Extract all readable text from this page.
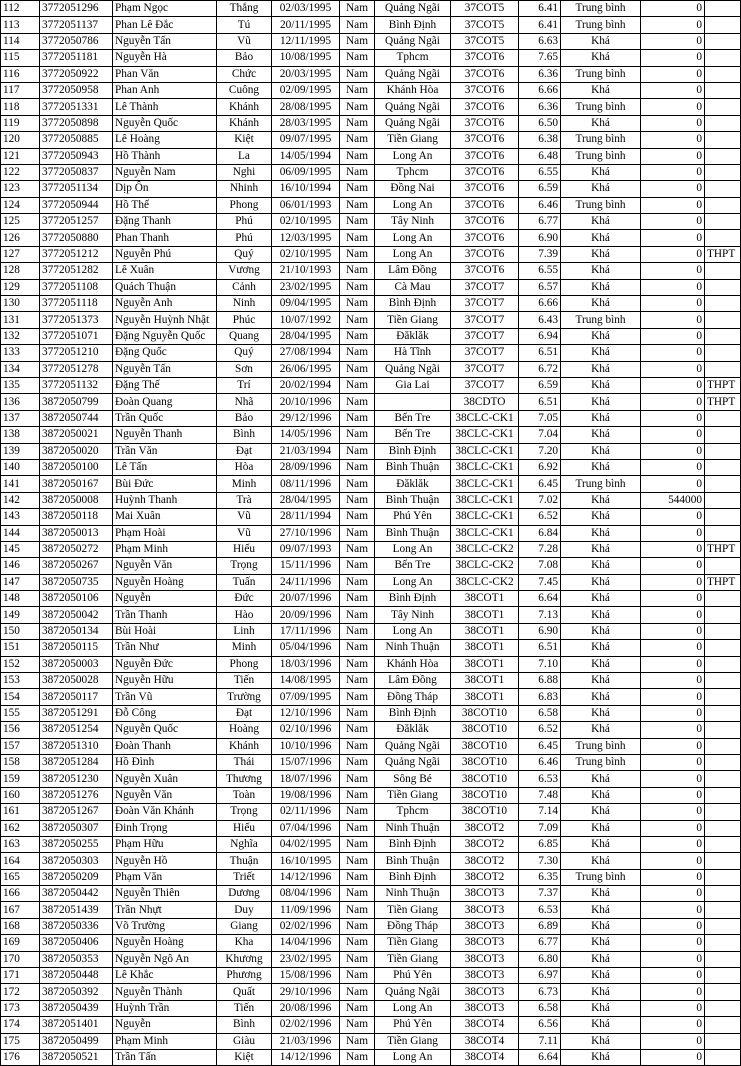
112	3772051296	Phạm Ngọc	Thắng	02/03/1995	Nam	Quảng Ngãi	37COT5	6.41	Trung bình	0	
113	3772051137	Phan Lê Đắc	Tú	20/11/1995	Nam	Bình Định	37COT5	6.41	Trung bình	0	
114	3772050786	Nguyễn Tấn	Vũ	12/11/1995	Nam	Quảng Ngãi	37COT5	6.63	Khá	0	
115	3772051181	Nguyễn Hà	Bảo	10/08/1995	Nam	Tphcm	37COT6	7.65	Khá	0	
116	3772050922	Phan Văn	Chức	20/03/1995	Nam	Quảng Ngãi	37COT6	6.36	Trung bình	0	
117	3772050958	Phan Anh	Cuông	02/09/1995	Nam	Khánh Hòa	37COT6	6.66	Khá	0	
118	3772051331	Lê Thành	Khánh	28/08/1995	Nam	Quảng Ngãi	37COT6	6.36	Trung bình	0	
119	3772050898	Nguyễn Quốc	Khánh	28/03/1995	Nam	Quảng Ngãi	37COT6	6.50	Khá	0	
120	3772050885	Lê Hoàng	Kiệt	09/07/1995	Nam	Tiền Giang	37COT6	6.38	Trung bình	0	
121	3772050943	Hồ Thành	La	14/05/1994	Nam	Long An	37COT6	6.48	Trung bình	0	
122	3772050837	Nguyễn Nam	Nghi	06/09/1995	Nam	Tphcm	37COT6	6.55	Khá	0	
123	3772051134	Dịp Ôn	Nhinh	16/10/1994	Nam	Đồng Nai	37COT6	6.59	Khá	0	
124	3772050944	Hồ Thế	Phong	06/01/1993	Nam	Long An	37COT6	6.46	Trung bình	0	
125	3772051257	Đặng Thanh	Phú	02/10/1995	Nam	Tây Ninh	37COT6	6.77	Khá	0	
126	3772050880	Phan Thanh	Phú	12/03/1995	Nam	Long An	37COT6	6.90	Khá	0	
127	3772051212	Nguyễn Phú	Quý	02/10/1995	Nam	Long An	37COT6	7.39	Khá	0	THPT
128	3772051282	Lê Xuân	Vương	21/10/1993	Nam	Lâm Đồng	37COT6	6.55	Khá	0	
129	3772051108	Quách Thuận	Cảnh	23/02/1995	Nam	Cà Mau	37COT7	6.57	Khá	0	
130	3772051118	Nguyễn Anh	Ninh	09/04/1995	Nam	Bình Định	37COT7	6.66	Khá	0	
131	3772051373	Nguyễn Huỳnh Nhật	Phúc	10/07/1992	Nam	Tiền Giang	37COT7	6.43	Trung bình	0	
132	3772051071	Đặng Nguyễn Quốc	Quang	28/04/1995	Nam	Đăklăk	37COT7	6.94	Khá	0	
133	3772051210	Đặng Quốc	Quý	27/08/1994	Nam	Hà Tĩnh	37COT7	6.51	Khá	0	
134	3772051278	Nguyễn Tấn	Sơn	26/06/1995	Nam	Quảng Ngãi	37COT7	6.72	Khá	0	
135	3772051132	Đặng Thế	Trí	20/02/1994	Nam	Gia Lai	37COT7	6.59	Khá	0	THPT
136	3872050799	Đoàn Quang	Nhã	20/10/1996	Nam		38CDTO	6.51	Khá	0	THPT
137	3872050744	Trần Quốc	Bảo	29/12/1996	Nam	Bến Tre	38CLC-CK1	7.05	Khá	0	
138	3872050021	Nguyễn Thanh	Bình	14/05/1996	Nam	Bến Tre	38CLC-CK1	7.04	Khá	0	
139	3872050020	Trần Văn	Đạt	21/03/1994	Nam	Bình Định	38CLC-CK1	7.20	Khá	0	
140	3872050100	Lê Tấn	Hòa	28/09/1996	Nam	Bình Thuận	38CLC-CK1	6.92	Khá	0	
141	3872050167	Bùi Đức	Minh	08/11/1996	Nam	Đăklăk	38CLC-CK1	6.45	Trung bình	0	
142	3872050008	Huỳnh Thanh	Trà	28/04/1995	Nam	Bình Thuận	38CLC-CK1	7.02	Khá	544000	
143	3872050118	Mai Xuân	Vũ	28/11/1994	Nam	Phú Yên	38CLC-CK1	6.52	Khá	0	
144	3872050013	Phạm Hoài	Vũ	27/10/1996	Nam	Bình Thuận	38CLC-CK1	6.84	Khá	0	
145	3872050272	Phạm Minh	Hiếu	09/07/1993	Nam	Long An	38CLC-CK2	7.28	Khá	0	THPT
146	3872050267	Nguyễn Văn	Trọng	15/11/1996	Nam	Bến Tre	38CLC-CK2	7.08	Khá	0	
147	3872050735	Nguyễn Hoàng	Tuấn	24/11/1996	Nam	Long An	38CLC-CK2	7.45	Khá	0	THPT
148	3872050106	Nguyễn	Đức	20/07/1996	Nam	Bình Định	38COT1	6.64	Khá	0	
149	3872050042	Trần Thanh	Hào	20/09/1996	Nam	Tây Ninh	38COT1	7.13	Khá	0	
150	3872050134	Bùi Hoài	Linh	17/11/1996	Nam	Long An	38COT1	6.90	Khá	0	
151	3872050115	Trần Như	Minh	05/04/1996	Nam	Ninh Thuận	38COT1	6.51	Khá	0	
152	3872050003	Nguyễn Đức	Phong	18/03/1996	Nam	Khánh Hòa	38COT1	7.10	Khá	0	
153	3872050028	Nguyễn Hữu	Tiến	14/08/1995	Nam	Lâm Đồng	38COT1	6.88	Khá	0	
154	3872050117	Trần Vũ	Trường	07/09/1995	Nam	Đồng Tháp	38COT1	6.83	Khá	0	
155	3872051291	Đỗ Công	Đạt	12/10/1996	Nam	Bình Định	38COT10	6.58	Khá	0	
156	3872051254	Nguyễn Quốc	Hoàng	02/10/1996	Nam	Đăklăk	38COT10	6.52	Khá	0	
157	3872051310	Đoàn Thanh	Khánh	10/10/1996	Nam	Quảng Ngãi	38COT10	6.45	Trung bình	0	
158	3872051284	Hồ Đình	Thái	15/07/1996	Nam	Quảng Ngãi	38COT10	6.46	Trung bình	0	
159	3872051230	Nguyễn Xuân	Thương	18/07/1996	Nam	Sông Bé	38COT10	6.53	Khá	0	
160	3872051276	Nguyễn Văn	Toàn	19/08/1996	Nam	Tiền Giang	38COT10	7.48	Khá	0	
161	3872051267	Đoàn Văn Khánh	Trọng	02/11/1996	Nam	Tphcm	38COT10	7.14	Khá	0	
162	3872050307	Đinh Trọng	Hiếu	07/04/1996	Nam	Ninh Thuận	38COT2	7.09	Khá	0	
163	3872050255	Phạm Hữu	Nghĩa	04/02/1995	Nam	Bình Định	38COT2	6.85	Khá	0	
164	3872050303	Nguyễn Hồ	Thuận	16/10/1995	Nam	Bình Thuận	38COT2	7.30	Khá	0	
165	3872050209	Phạm Văn	Triết	14/12/1996	Nam	Bình Định	38COT2	6.35	Trung bình	0	
166	3872050442	Nguyễn Thiên	Dương	08/04/1996	Nam	Ninh Thuận	38COT3	7.37	Khá	0	
167	3872051439	Trần Nhựt	Duy	11/09/1996	Nam	Tiền Giang	38COT3	6.53	Khá	0	
168	3872050336	Võ Trường	Giang	02/02/1996	Nam	Đồng Tháp	38COT3	6.89	Khá	0	
169	3872050406	Nguyễn Hoàng	Kha	14/04/1996	Nam	Tiền Giang	38COT3	6.77	Khá	0	
170	3872050353	Nguyễn Ngô An	Khương	23/02/1995	Nam	Tiền Giang	38COT3	6.80	Khá	0	
171	3872050448	Lê Khắc	Phương	15/08/1996	Nam	Phú Yên	38COT3	6.97	Khá	0	
172	3872050392	Nguyễn Thành	Quất	29/10/1996	Nam	Quảng Ngãi	38COT3	6.73	Khá	0	
173	3872050439	Huỳnh Trần	Tiến	20/08/1996	Nam	Long An	38COT3	6.58	Khá	0	
174	3872051401	Nguyễn	Bình	02/02/1996	Nam	Phú Yên	38COT4	6.56	Khá	0	
175	3872050499	Phạm Minh	Giàu	21/03/1996	Nam	Tiền Giang	38COT4	7.11	Khá	0	
176	3872050521	Trần Tấn	Kiệt	14/12/1996	Nam	Long An	38COT4	6.64	Khá	0	
